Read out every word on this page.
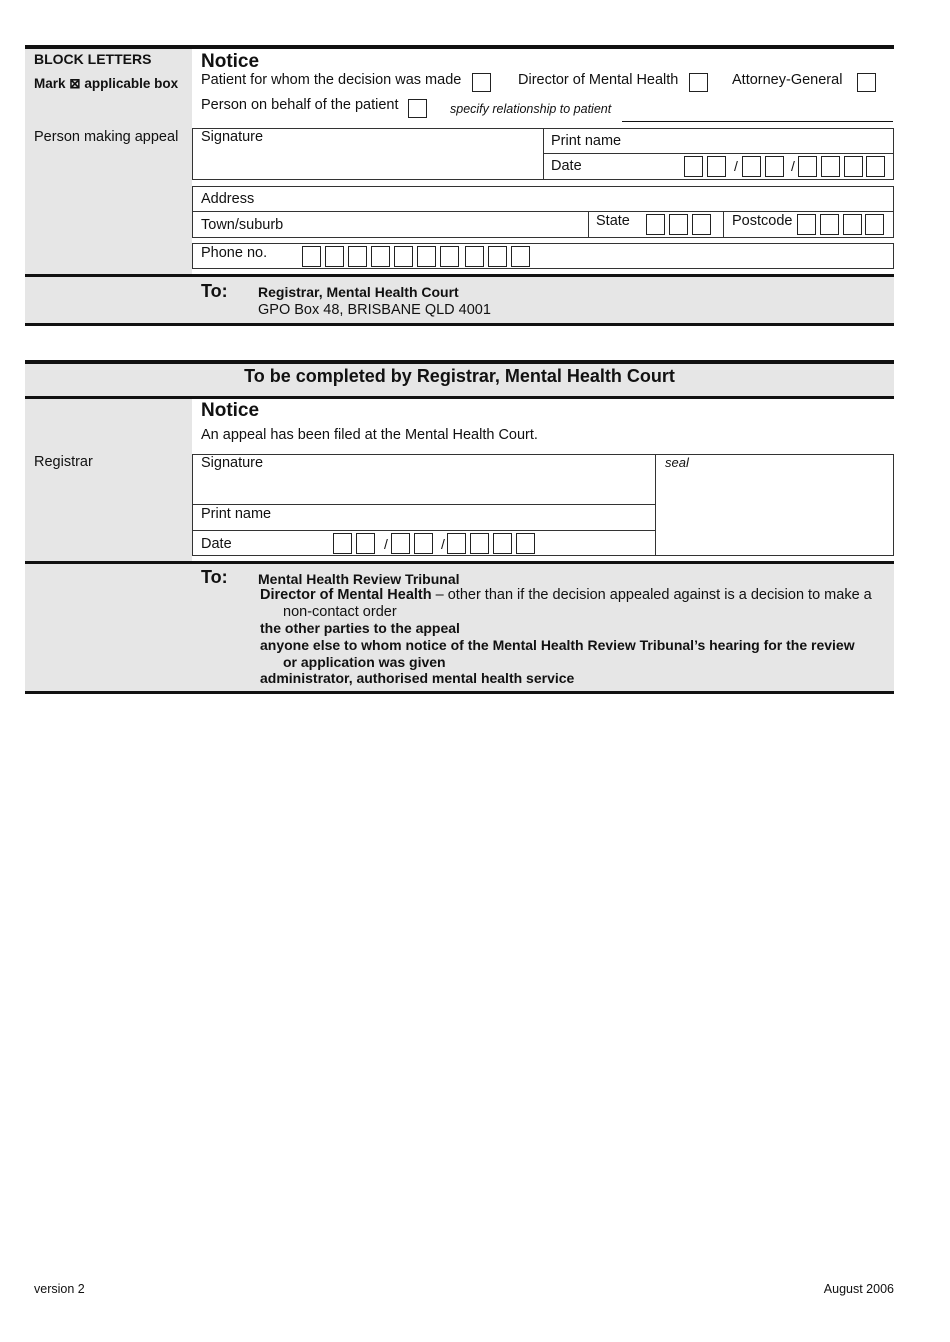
BLOCK LETTERS
Mark ⊠ applicable box
Person making appeal
Notice
Patient for whom the decision was made	Director of Mental Health	Attorney-General
Person on behalf of the patient	specify relationship to patient
Signature	Print name
Date	/	/
Address
Town/suburb	State	Postcode
Phone no.
To: Registrar, Mental Health Court
GPO Box 48, BRISBANE QLD 4001
To be completed by Registrar, Mental Health Court
Notice
An appeal has been filed at the Mental Health Court.
Registrar	Signature	seal
Print name
Date	/	/
To: Mental Health Review Tribunal
Director of Mental Health – other than if the decision appealed against is a decision to make a
non-contact order
the other parties to the appeal
anyone else to whom notice of the Mental Health Review Tribunal’s hearing for the review
or application was given
administrator, authorised mental health service
version 2	August 2006
